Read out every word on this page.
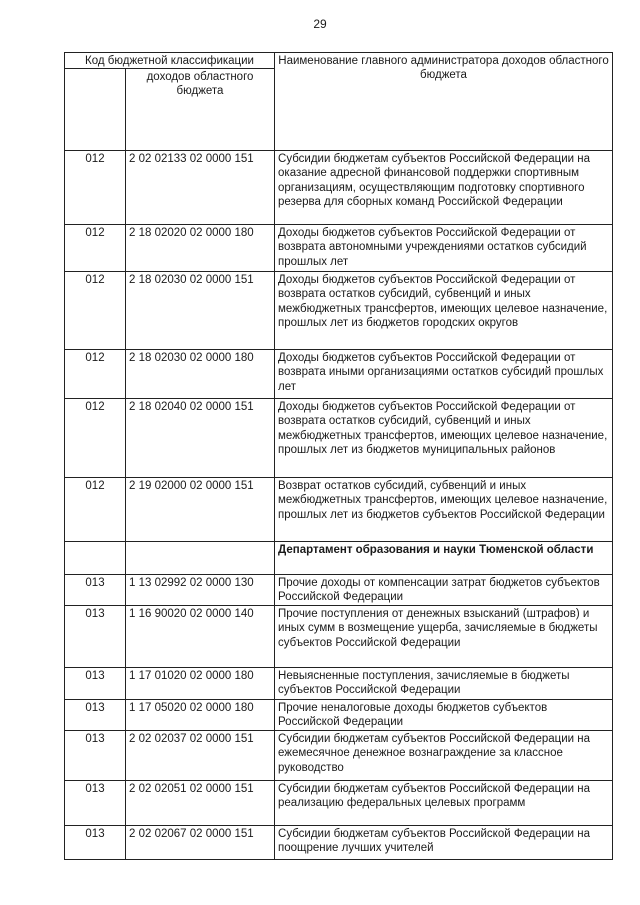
29
Код бюджетной классификации		Наименование главного администратора доходов областного бюджета
	доходов областного бюджета	
012	2 02 02133 02 0000 151	Субсидии бюджетам субъектов Российской Федерации на оказание адресной финансовой поддержки спортивным организациям, осуществляющим подготовку спортивного резерва для сборных команд Российской Федерации
012	2 18 02020 02 0000 180	Доходы бюджетов субъектов Российской Федерации от возврата автономными учреждениями остатков субсидий прошлых лет
012	2 18 02030 02 0000 151	Доходы бюджетов субъектов Российской Федерации от возврата остатков субсидий, субвенций и иных межбюджетных трансфертов, имеющих целевое назначение, прошлых лет из бюджетов городских округов
012	2 18 02030 02 0000 180	Доходы бюджетов субъектов Российской Федерации от возврата иными организациями остатков субсидий прошлых лет
012	2 18 02040 02 0000 151	Доходы бюджетов субъектов Российской Федерации от возврата остатков субсидий, субвенций и иных межбюджетных трансфертов, имеющих целевое назначение, прошлых лет из бюджетов муниципальных районов
012	2 19 02000 02 0000 151	Возврат остатков субсидий, субвенций и иных межбюджетных трансфертов, имеющих целевое назначение, прошлых лет из бюджетов субъектов Российской Федерации
		Департамент образования и науки Тюменской области
013	1 13 02992 02 0000 130	Прочие доходы от компенсации затрат бюджетов субъектов Российской Федерации
013	1 16 90020 02 0000 140	Прочие поступления от денежных взысканий (штрафов) и иных сумм в возмещение ущерба, зачисляемые в бюджеты субъектов Российской Федерации
013	1 17 01020 02 0000 180	Невыясненные поступления, зачисляемые в бюджеты субъектов Российской Федерации
013	1 17 05020 02 0000 180	Прочие неналоговые доходы бюджетов субъектов Российской Федерации
013	2 02 02037 02 0000 151	Субсидии бюджетам субъектов Российской Федерации на ежемесячное денежное вознаграждение за классное руководство
013	2 02 02051 02 0000 151	Субсидии бюджетам субъектов Российской Федерации на реализацию федеральных целевых программ
013	2 02 02067 02 0000 151	Субсидии бюджетам субъектов Российской Федерации на поощрение лучших учителей
